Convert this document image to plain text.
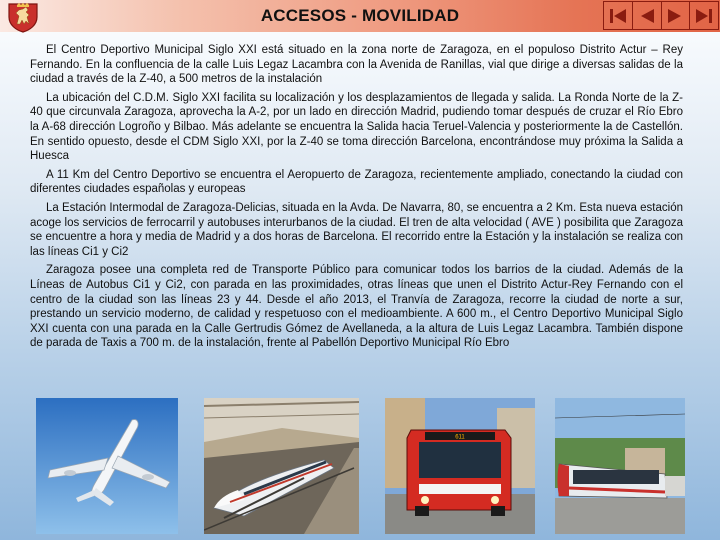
ACCESOS - MOVILIDAD

El Centro Deportivo Municipal Siglo XXI está situado en la zona norte de Zaragoza, en el populoso Distrito Actur – Rey Fernando. En la confluencia de la calle Luis Legaz Lacambra con la Avenida de Ranillas, vial que dirige a diversas salidas de la ciudad a través de la Z-40, a 500 metros de la instalación

La ubicación del C.D.M. Siglo XXI facilita su localización y los desplazamientos de llegada y salida. La Ronda Norte de la Z-40 que circunvala Zaragoza, aprovecha la A-2, por un lado en dirección Madrid, pudiendo tomar después de cruzar el Río Ebro la A-68 dirección Logroño y Bilbao. Más adelante se encuentra la Salida hacia Teruel-Valencia y posteriormente la de Castellón. En sentido opuesto, desde el CDM Siglo XXI, por la Z-40 se toma dirección Barcelona, encontrándose muy próxima la Salida a Huesca

A 11 Km del Centro Deportivo se encuentra el Aeropuerto de Zaragoza, recientemente ampliado, conectando la ciudad con diferentes ciudades españolas y europeas

La Estación Intermodal de Zaragoza-Delicias, situada en la Avda. De Navarra, 80, se encuentra a 2 Km. Esta nueva estación acoge los servicios de ferrocarril y autobuses interurbanos de la ciudad. El tren de alta velocidad ( AVE ) posibilita que Zaragoza se encuentre a hora y media de Madrid y a dos horas de Barcelona. El recorrido entre la Estación y la instalación se realiza con las líneas Ci1 y Ci2

Zaragoza posee una completa red de Transporte Público para comunicar todos los barrios de la ciudad. Además de la Líneas de Autobus Ci1 y Ci2, con parada en las proximidades, otras líneas que unen el Distrito Actur-Rey Fernando con el centro de la ciudad son las líneas 23 y 44. Desde el año 2013, el Tranvía de Zaragoza, recorre la ciudad de norte a sur, prestando un servicio moderno, de calidad y respetuoso con el medioambiente. A 600 m., el Centro Deportivo Municipal Siglo XXI cuenta con una parada en la Calle Gertrudis Gómez de Avellaneda, a la altura de Luis Legaz Lacambra. También dispone de parada de Taxis a 700 m. de la instalación, frente al Pabellón Deportivo Municipal Río Ebro

611
